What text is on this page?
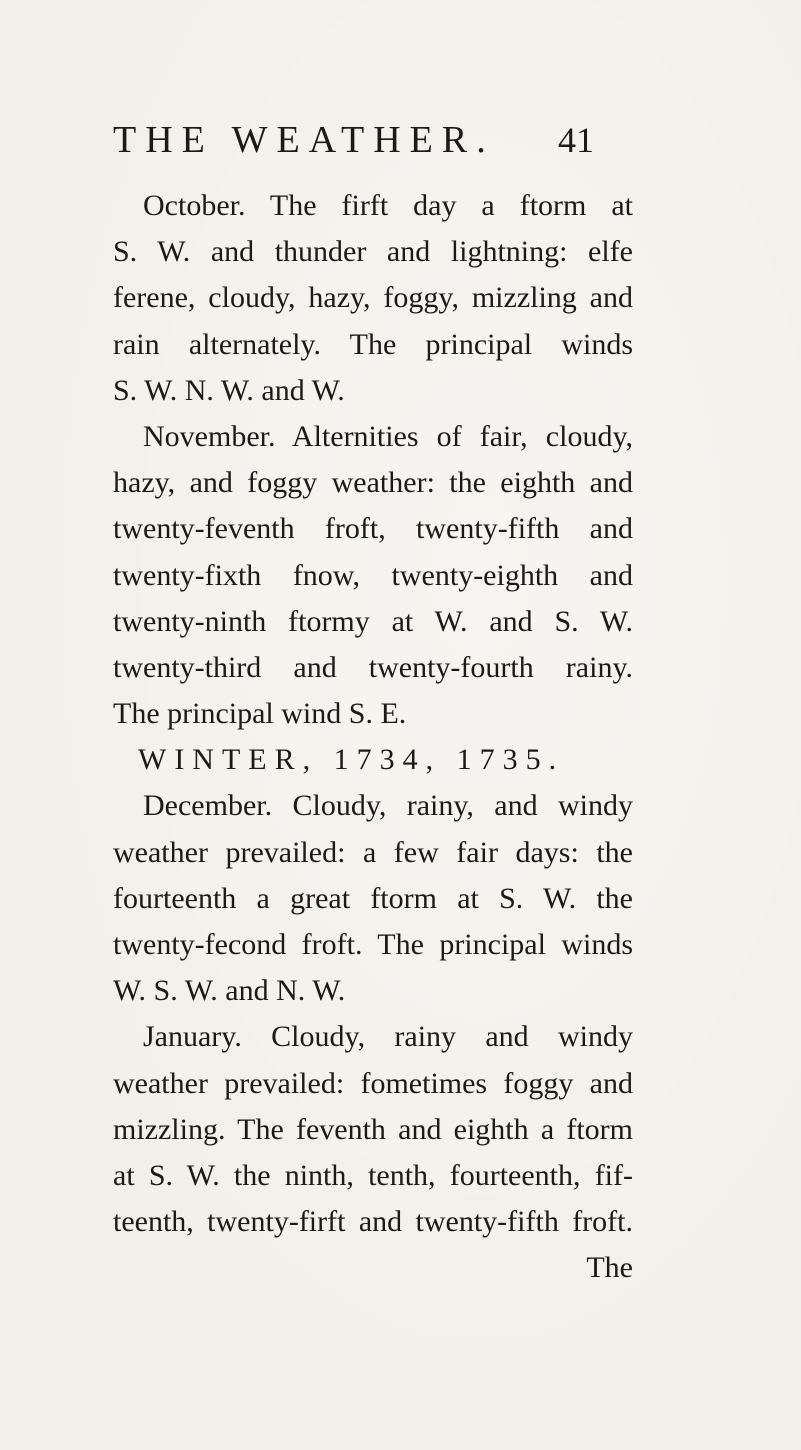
THE WEATHER. 41
October. The firft day a ftorm at
S. W. and thunder and lightning: elfe
ferene, cloudy, hazy, foggy, mizzling and
rain alternately. The principal winds
S. W. N. W. and W.
November. Alternities of fair, cloudy,
hazy, and foggy weather: the eighth and
twenty-feventh froft, twenty-fifth and
twenty-fixth fnow, twenty-eighth and
twenty-ninth ftormy at W. and S. W.
twenty-third and twenty-fourth rainy.
The principal wind S. E.
WINTER, 1734, 1735.
December. Cloudy, rainy, and windy
weather prevailed: a few fair days: the
fourteenth a great ftorm at S. W. the
twenty-fecond froft. The principal winds
W. S. W. and N. W.
January. Cloudy, rainy and windy
weather prevailed: fometimes foggy and
mizzling. The feventh and eighth a ftorm
at S. W. the ninth, tenth, fourteenth, fif-
teenth, twenty-firft and twenty-fifth froft.
The
